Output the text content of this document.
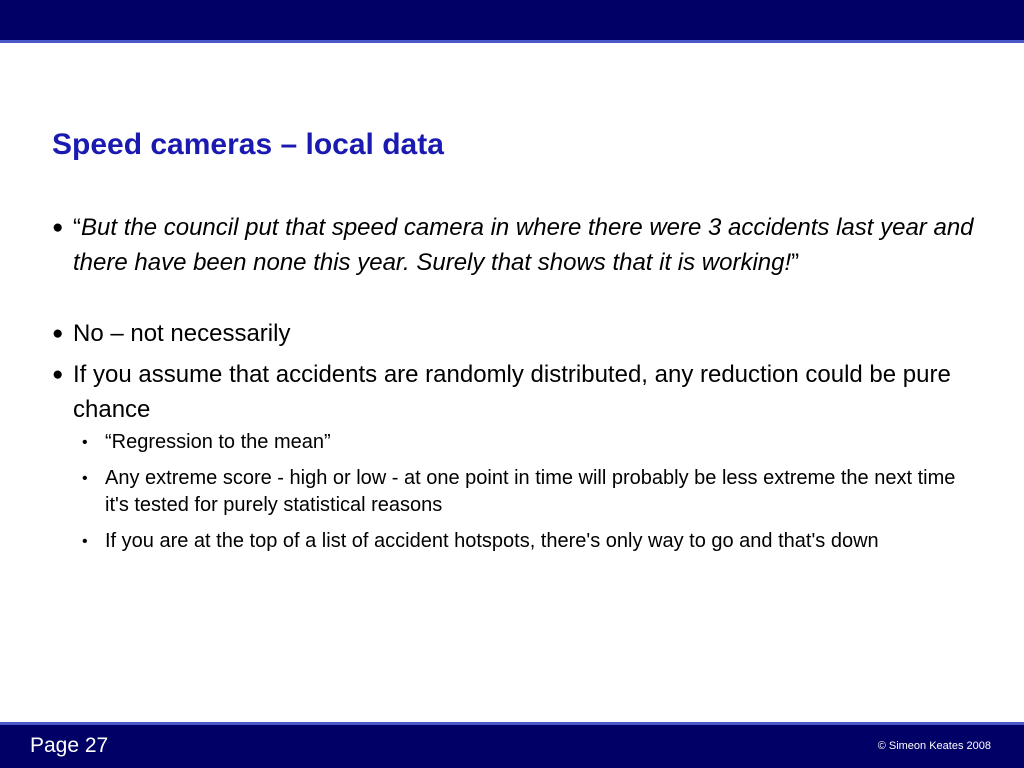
Speed cameras – local data
● “But the council put that speed camera in where there were 3 accidents last year and there have been none this year. Surely that shows that it is working!”
● No – not necessarily
● If you assume that accidents are randomly distributed, any reduction could be pure chance
• “Regression to the mean”
• Any extreme score - high or low - at one point in time will probably be less extreme the next time it's tested for purely statistical reasons
• If you are at the top of a list of accident hotspots, there's only way to go and that's down
Page 27	© Simeon Keates 2008
